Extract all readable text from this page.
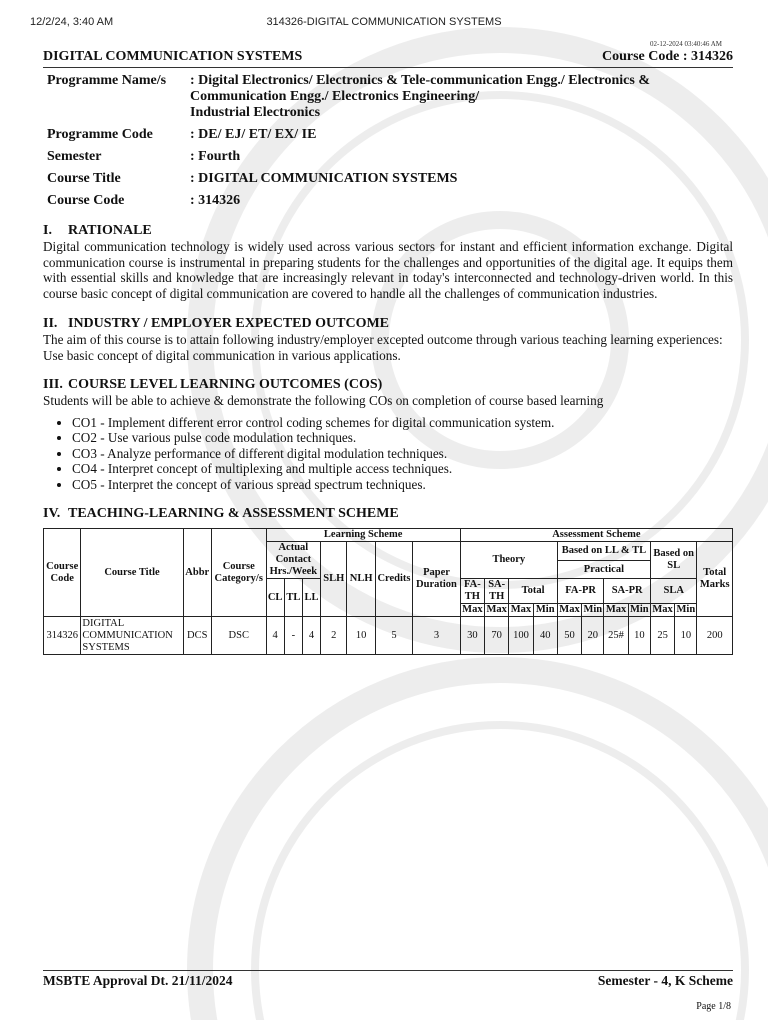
12/2/24, 3:40 AM	314326-DIGITAL COMMUNICATION SYSTEMS
02-12-2024 03:40:46 AM
DIGITAL COMMUNICATION SYSTEMS	Course Code : 314326
Programme Name/s	: Digital Electronics/ Electronics & Tele-communication Engg./ Electronics & Communication Engg./ Electronics Engineering/
Industrial Electronics
Programme Code	: DE/ EJ/ ET/ EX/ IE
Semester	: Fourth
Course Title	: DIGITAL COMMUNICATION SYSTEMS
Course Code	: 314326
I. RATIONALE

Digital communication technology is widely used across various sectors for instant and efficient information exchange. Digital communication course is instrumental in preparing students for the challenges and opportunities of the digital age. It equips them with essential skills and knowledge that are increasingly relevant in today's interconnected and technology-driven world. In this course basic concept of digital communication are covered to handle all the challenges of communication industries.

II. INDUSTRY / EMPLOYER EXPECTED OUTCOME

The aim of this course is to attain following industry/employer excepted outcome through various teaching learning experiences:

Use basic concept of digital communication in various applications.

III. COURSE LEVEL LEARNING OUTCOMES (COS)

Students will be able to achieve & demonstrate the following COs on completion of course based learning

• CO1 - Implement different error control coding schemes for digital communication system.
• CO2 - Use various pulse code modulation techniques.
• CO3 - Analyze performance of different digital modulation techniques.
• CO4 - Interpret concept of multiplexing and multiple access techniques.
• CO5 - Interpret the concept of various spread spectrum techniques.
IV. TEACHING-LEARNING & ASSESSMENT SCHEME
Course Code	Course Title	Abbr	Course Category/s	Learning Scheme							Assessment Scheme										
				Actual Contact Hrs./Week			SLH	NLH	Credits	Paper Duration	Theory				Based on LL & TL				Based on SL		Total Marks
															Practical						
				CL	TL	LL					FA-TH	SA-TH	Total		FA-PR		SA-PR		SLA		
											Max	Max	Max	Min	Max	Min	Max	Min	Max	Min	
314326	DIGITAL COMMUNICATION SYSTEMS	DCS	DSC	4	-	4	2	10	5	3	30	70	100	40	50	20	25#	10	25	10	200
MSBTE Approval Dt. 21/11/2024	Semester - 4, K Scheme
Page 1/8
